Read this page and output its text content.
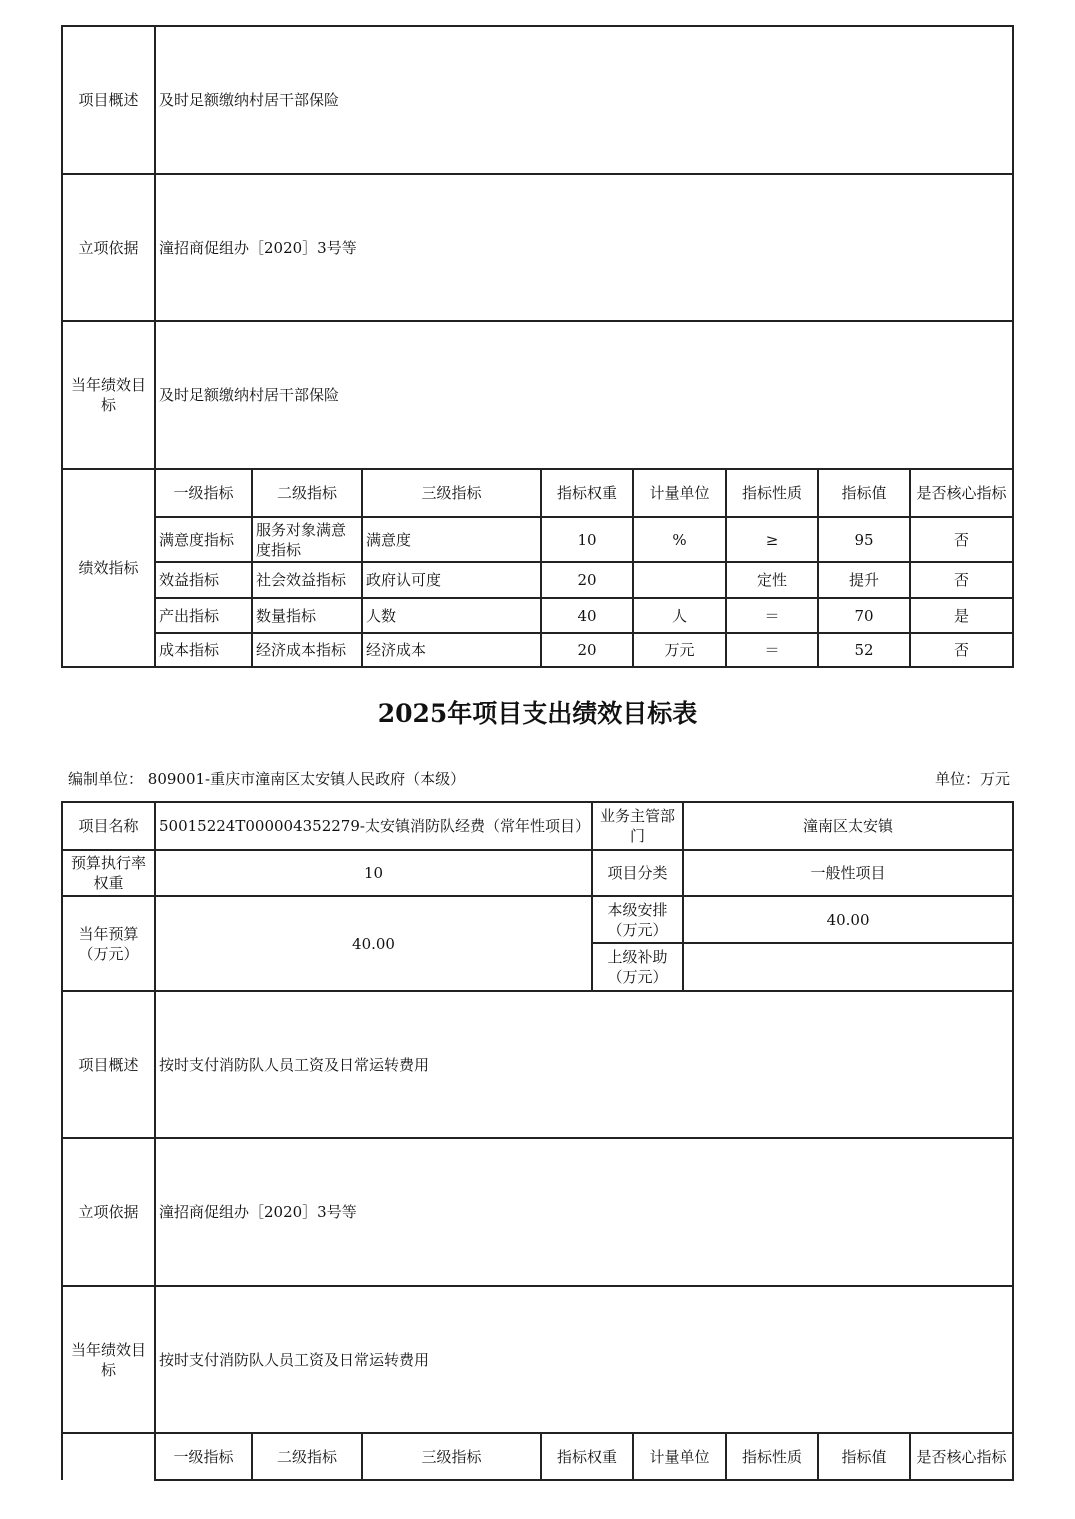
项目概述	及时足额缴纳村居干部保险							
立项依据	潼招商促组办［2020］3号等							
当年绩效目标	及时足额缴纳村居干部保险							
绩效指标	一级指标	二级指标	三级指标	指标权重	计量单位	指标性质	指标值	是否核心指标
	满意度指标	服务对象满意度指标	满意度	10	%	≥	95	否
	效益指标	社会效益指标	政府认可度	20		定性	提升	否
	产出指标	数量指标	人数	40	人	＝	70	是
	成本指标	经济成本指标	经济成本	20	万元	＝	52	否
2025年项目支出绩效目标表
编制单位： 809001-重庆市潼南区太安镇人民政府（本级）	单位：万元
项目名称	50015224T000004352279-太安镇消防队经费（常年性项目）				业务主管部门		潼南区太安镇			
预算执行率权重	10				项目分类		一般性项目			
当年预算（万元）	40.00				本级安排（万元）		40.00			
					上级补助（万元）					
项目概述	按时支付消防队人员工资及日常运转费用									
立项依据	潼招商促组办［2020］3号等									
当年绩效目标	按时支付消防队人员工资及日常运转费用									
	一级指标	二级指标	三级指标	指标权重		计量单位		指标性质	指标值	是否核心指标
